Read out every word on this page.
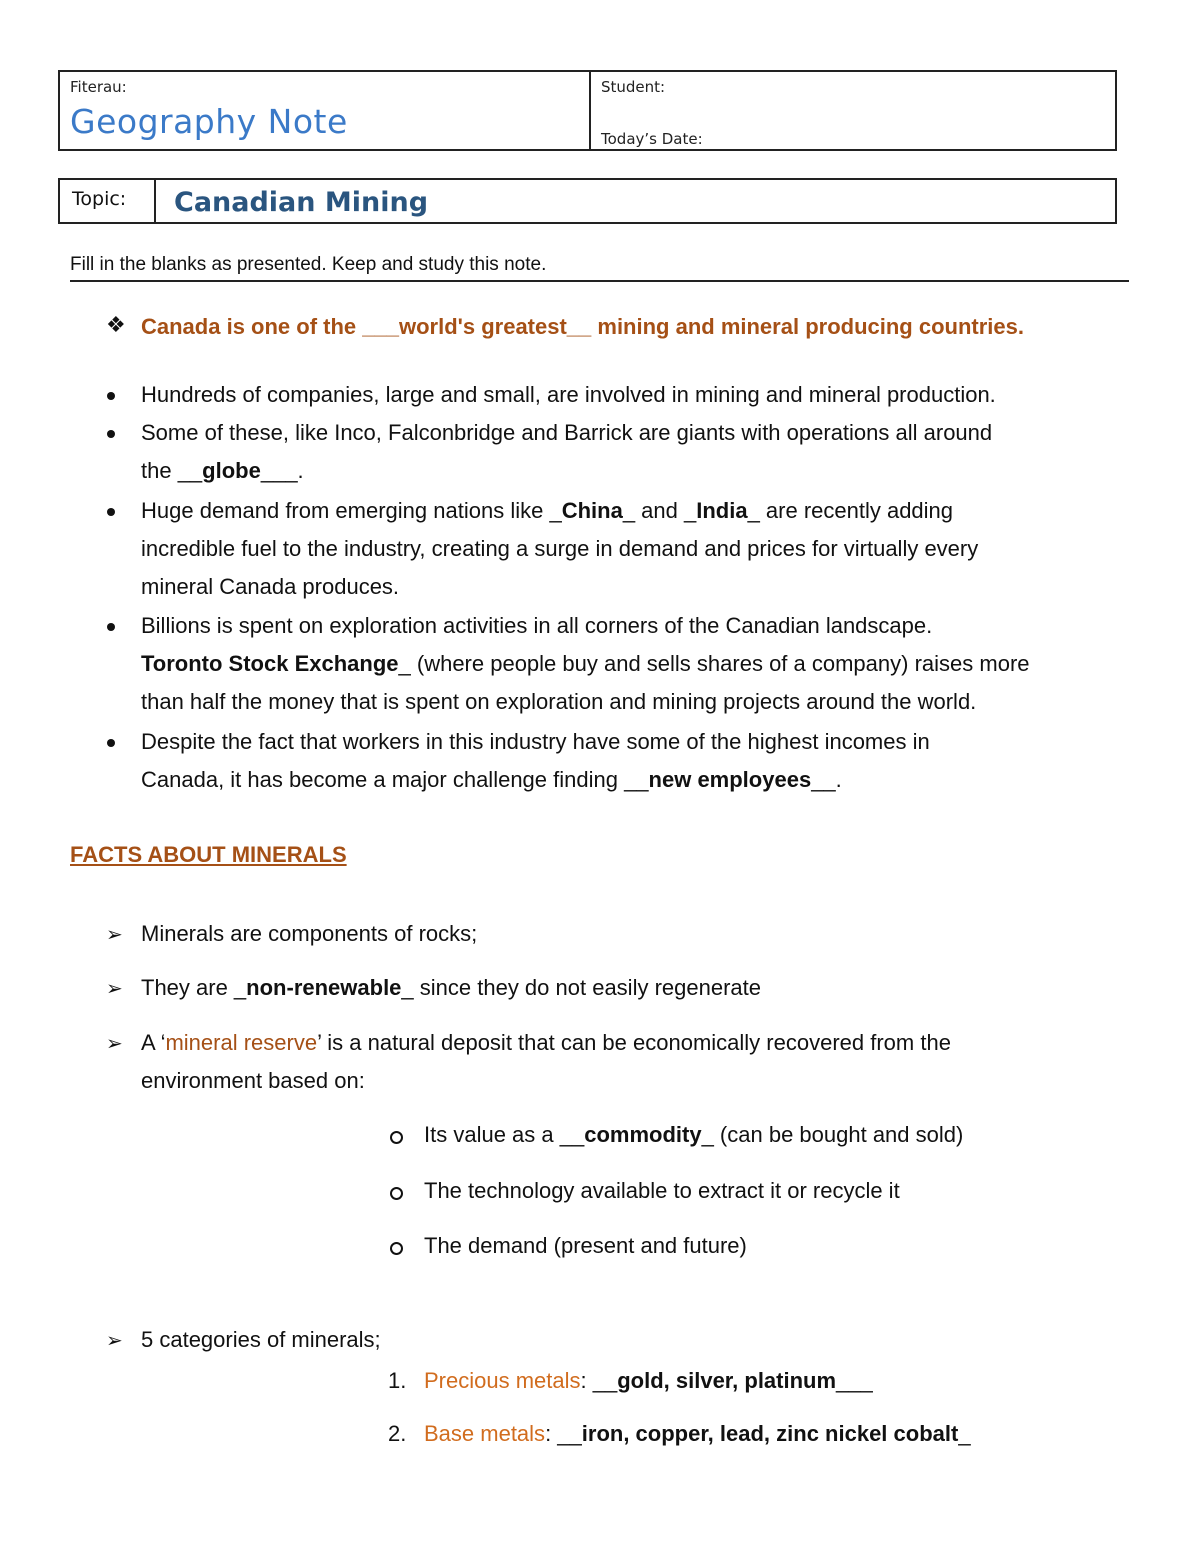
Fiterau:
Geography Note
Student:
Today’s Date:
Topic:	Canadian Mining
Fill in the blanks as presented. Keep and study this note.
❖ Canada is one of the ___world's greatest__ mining and mineral producing countries.
Hundreds of companies, large and small, are involved in mining and mineral production.
Some of these, like Inco, Falconbridge and Barrick are giants with operations all around
the __globe___.
Huge demand from emerging nations like _China_ and _India_ are recently adding
incredible fuel to the industry, creating a surge in demand and prices for virtually every
mineral Canada produces.
Billions is spent on exploration activities in all corners of the Canadian landscape.
Toronto Stock Exchange_ (where people buy and sells shares of a company) raises more
than half the money that is spent on exploration and mining projects around the world.
Despite the fact that workers in this industry have some of the highest incomes in
Canada, it has become a major challenge finding __new employees__.
FACTS ABOUT MINERALS
➢ Minerals are components of rocks;
➢ They are _non-renewable_ since they do not easily regenerate
➢ A ‘mineral reserve’ is a natural deposit that can be economically recovered from the
environment based on:
Its value as a __commodity_ (can be bought and sold)
The technology available to extract it or recycle it
The demand (present and future)
➢ 5 categories of minerals;
1. Precious metals: __gold, silver, platinum___
2. Base metals: __iron, copper, lead, zinc nickel cobalt_
